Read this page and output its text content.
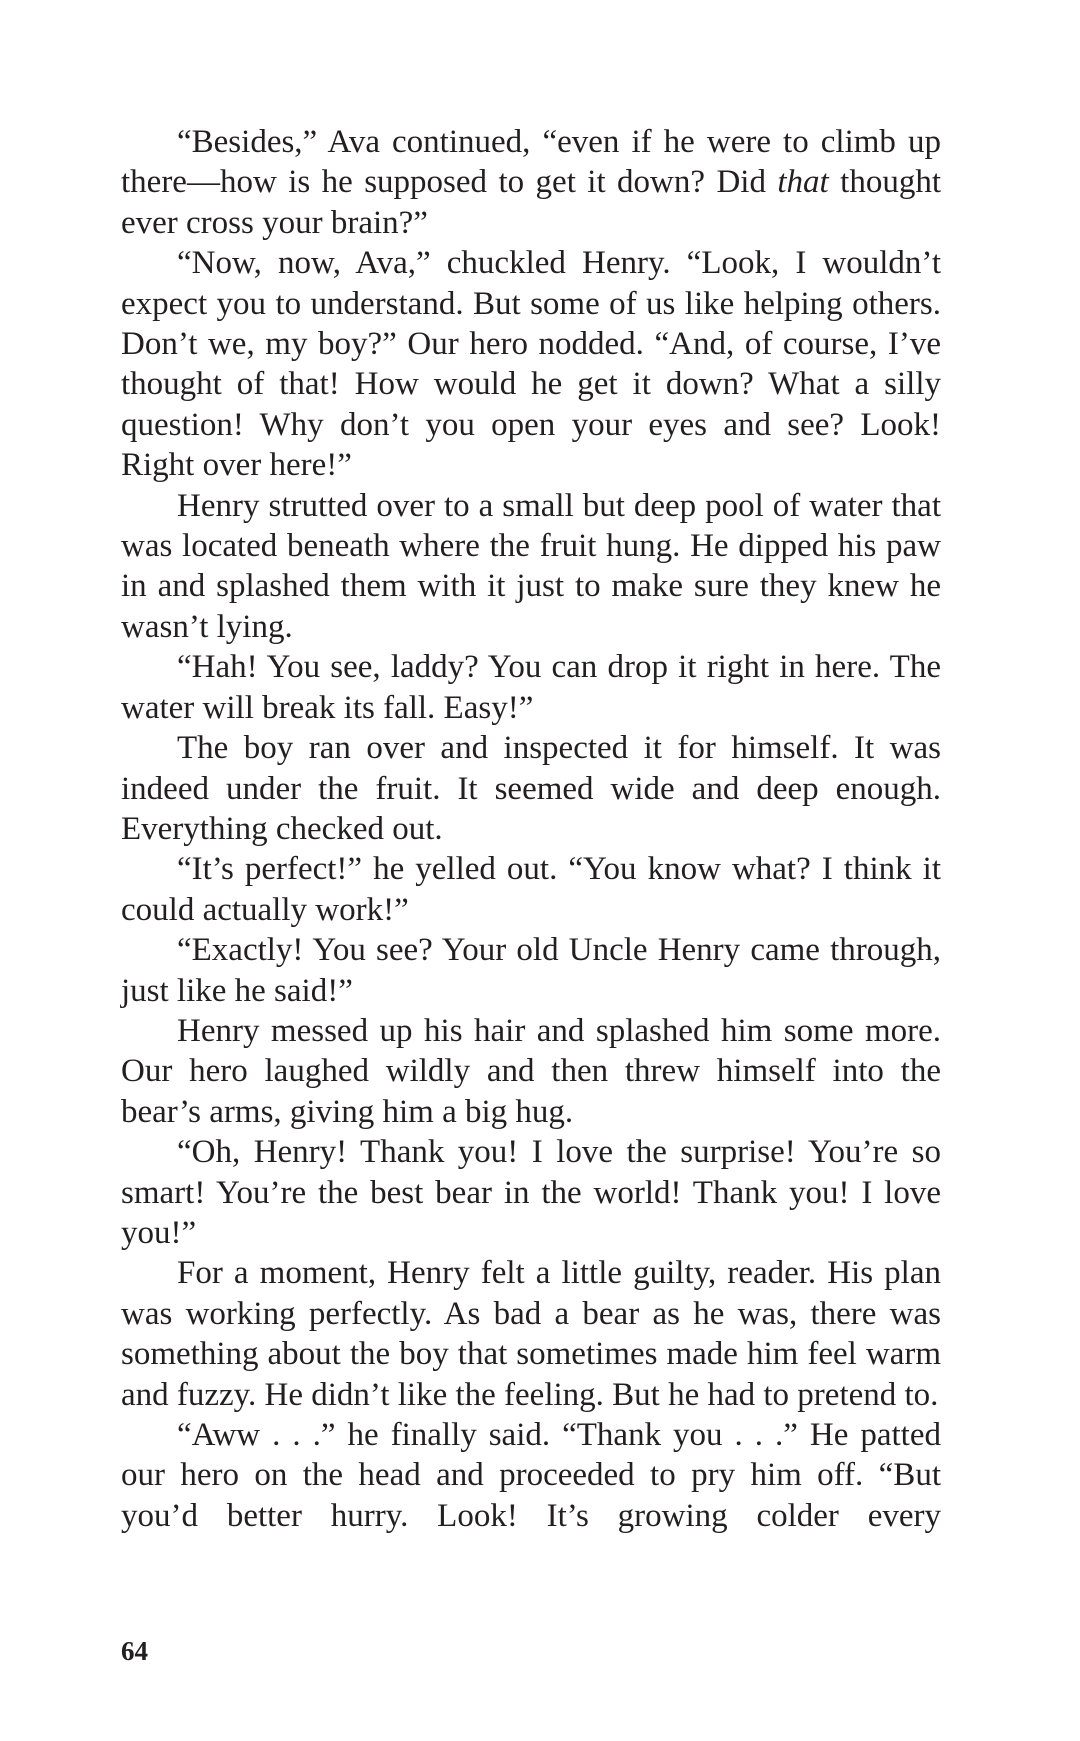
“Besides,” Ava continued, “even if he were to climb up there—how is he supposed to get it down? Did that thought ever cross your brain?”

“Now, now, Ava,” chuckled Henry. “Look, I wouldn’t expect you to understand. But some of us like helping others. Don’t we, my boy?” Our hero nodded. “And, of course, I’ve thought of that! How would he get it down? What a silly question! Why don’t you open your eyes and see? Look! Right over here!”

Henry strutted over to a small but deep pool of water that was located beneath where the fruit hung. He dipped his paw in and splashed them with it just to make sure they knew he wasn’t lying.

“Hah! You see, laddy? You can drop it right in here. The water will break its fall. Easy!”

The boy ran over and inspected it for himself. It was indeed under the fruit. It seemed wide and deep enough. Everything checked out.

“It’s perfect!” he yelled out. “You know what? I think it could actually work!”

“Exactly! You see? Your old Uncle Henry came through, just like he said!”

Henry messed up his hair and splashed him some more. Our hero laughed wildly and then threw himself into the bear’s arms, giving him a big hug.

“Oh, Henry! Thank you! I love the surprise! You’re so smart! You’re the best bear in the world! Thank you! I love you!”

For a moment, Henry felt a little guilty, reader. His plan was working perfectly. As bad a bear as he was, there was something about the boy that sometimes made him feel warm and fuzzy. He didn’t like the feeling. But he had to pretend to.

“Aww . . .” he finally said. “Thank you . . .” He patted our hero on the head and proceeded to pry him off. “But you’d better hurry. Look! It’s growing colder every

64
